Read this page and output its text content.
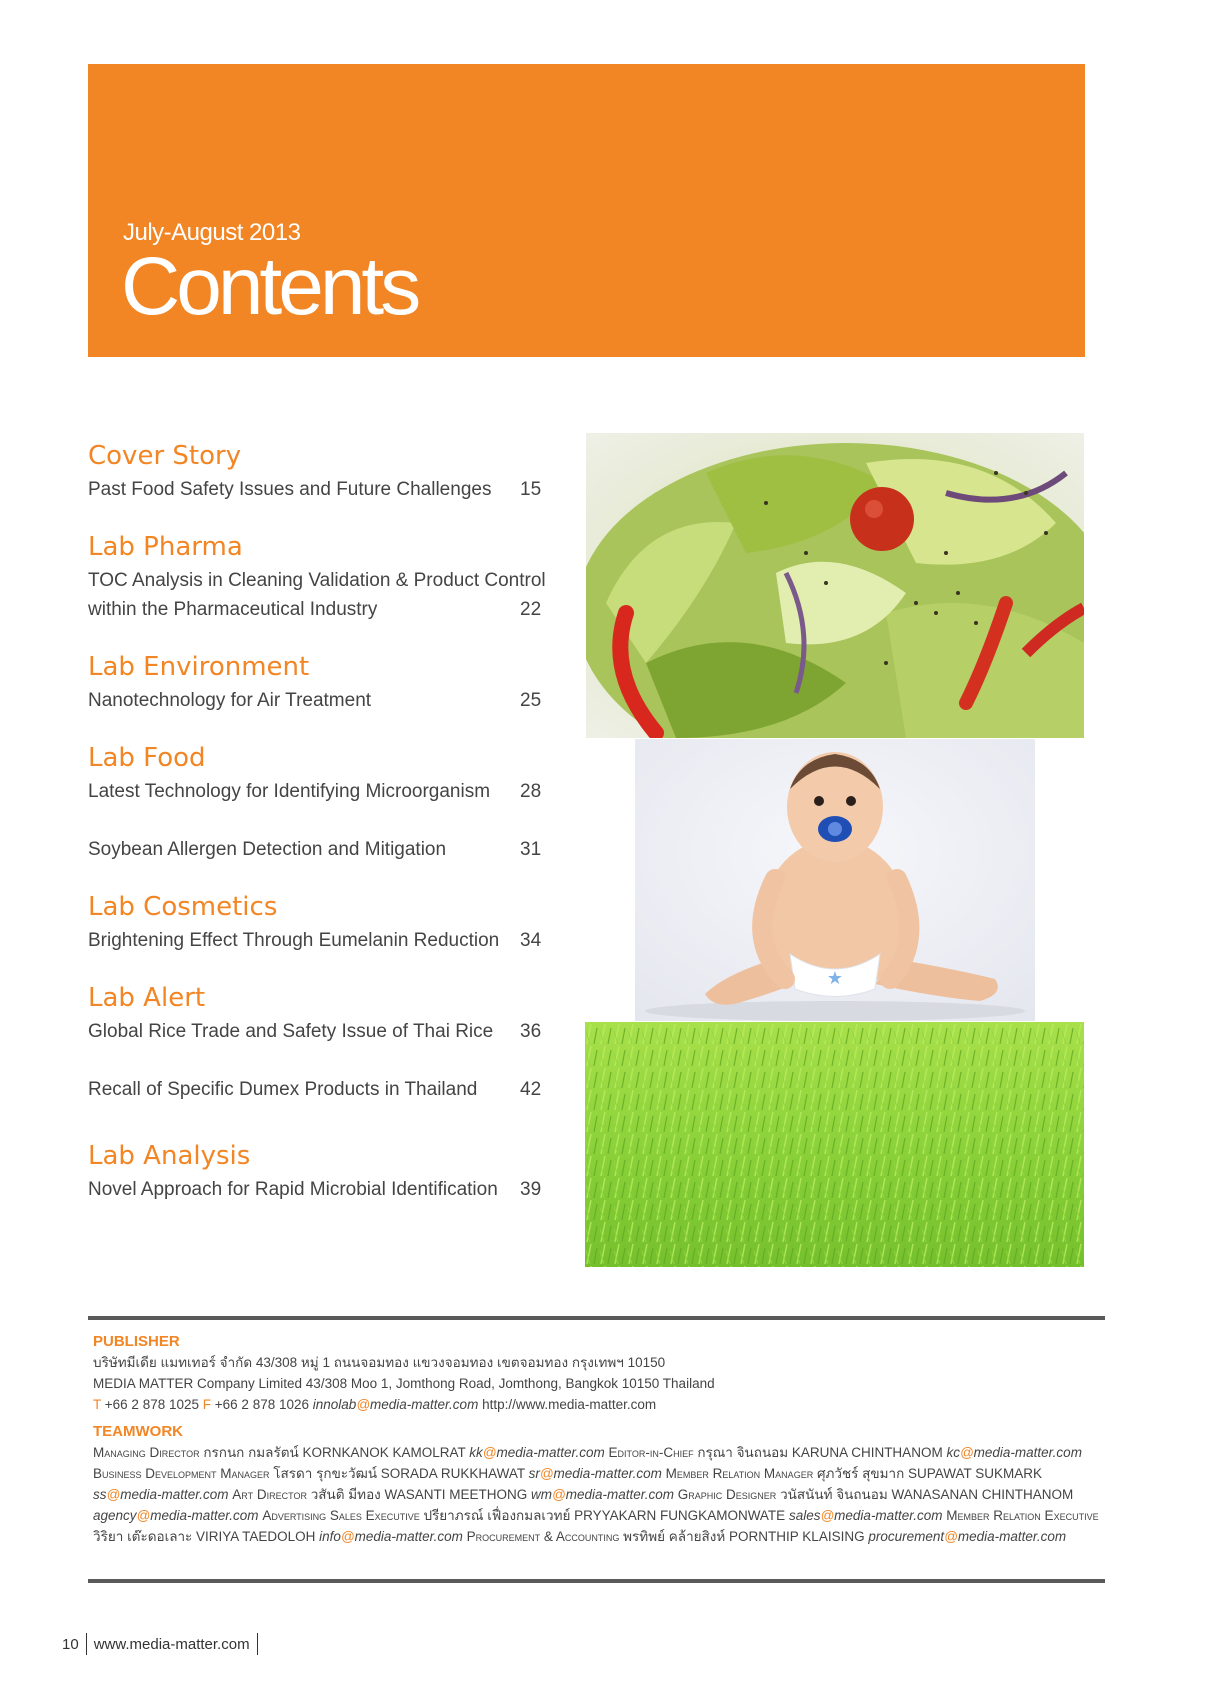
July-August 2013
Contents
Cover Story
Past Food Safety Issues and Future Challenges 15
Lab Pharma
TOC Analysis in Cleaning Validation & Product Control
within the Pharmaceutical Industry	22
Lab Environment
Nanotechnology for Air Treatment	25
Lab Food
Latest Technology for Identifying Microorganism 28
Soybean Allergen Detection and Mitigation	31
Lab Cosmetics
Brightening Effect Through Eumelanin Reduction 34
Lab Alert
Global Rice Trade and Safety Issue of Thai Rice 36
Recall of Specific Dumex Products in Thailand 42
Lab Analysis
Novel Approach for Rapid Microbial Identification 39
★
PUBLISHER
บริษัทมีเดีย แมทเทอร์ จำกัด 43/308 หมู่ 1 ถนนจอมทอง แขวงจอมทอง เขตจอมทอง กรุงเทพฯ 10150
MEDIA MATTER Company Limited 43/308 Moo 1, Jomthong Road, Jomthong, Bangkok 10150 Thailand
T +66 2 878 1025 F +66 2 878 1026 innolab@media-matter.com http://www.media-matter.com
TEAMWORK
Managing Director กรกนก กมลรัตน์ KORNKANOK KAMOLRAT kk@media-matter.com Editor-in-Chief กรุณา จินถนอม KARUNA CHINTHANOM kc@media-matter.com Business Development Manager โสรดา รุกขะวัฒน์ SORADA RUKKHAWAT sr@media-matter.com Member Relation Manager ศุภวัชร์ สุขมาก SUPAWAT SUKMARK ss@media-matter.com Art Director วสันติ มีทอง WASANTI MEETHONG wm@media-matter.com Graphic Designer วนัสนันท์ จินถนอม WANASANAN CHINTHANOM agency@media-matter.com Advertising Sales Executive ปรียาภรณ์ เฟื่องกมลเวทย์ PRYYAKARN FUNGKAMONWATE sales@media-matter.com Member Relation Executive วิริยา เต๊ะดอเลาะ VIRIYA TAEDOLOH info@media-matter.com Procurement & Accounting พรทิพย์ คล้ายสิงห์ PORNTHIP KLAISING procurement@media-matter.com
10 www.media-matter.com
